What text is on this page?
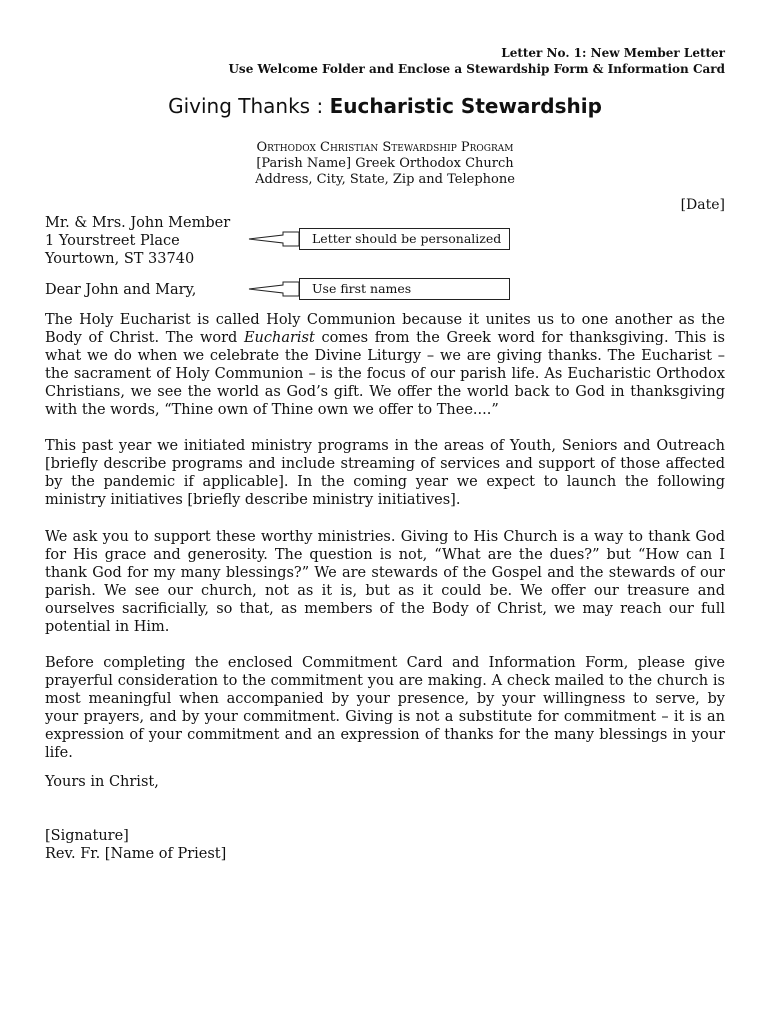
Letter No. 1: New Member Letter
Use Welcome Folder and Enclose a Stewardship Form & Information Card
Giving Thanks : Eucharistic Stewardship
Orthodox Christian Stewardship Program
[Parish Name] Greek Orthodox Church
Address, City, State, Zip and Telephone
[Date]
Mr. & Mrs. John Member
1 Yourstreet Place
Yourtown, ST 33740
Letter should be personalized
Dear John and Mary,	Use first names
The Holy Eucharist is called Holy Communion because it unites us to one another as the Body of Christ. The word Eucharist comes from the Greek word for thanksgiving. This is what we do when we celebrate the Divine Liturgy – we are giving thanks. The Eucharist – the sacrament of Holy Communion – is the focus of our parish life. As Eucharistic Orthodox Christians, we see the world as God’s gift. We offer the world back to God in thanksgiving with the words, “Thine own of Thine own we offer to Thee....”
This past year we initiated ministry programs in the areas of Youth, Seniors and Outreach [briefly describe programs and include streaming of services and support of those affected by the pandemic if applicable]. In the coming year we expect to launch the following ministry initiatives [briefly describe ministry initiatives].
We ask you to support these worthy ministries. Giving to His Church is a way to thank God for His grace and generosity. The question is not, “What are the dues?” but “How can I thank God for my many blessings?” We are stewards of the Gospel and the stewards of our parish. We see our church, not as it is, but as it could be. We offer our treasure and ourselves sacrificially, so that, as members of the Body of Christ, we may reach our full potential in Him.
Before completing the enclosed Commitment Card and Information Form, please give prayerful consideration to the commitment you are making. A check mailed to the church is most meaningful when accompanied by your presence, by your willingness to serve, by your prayers, and by your commitment. Giving is not a substitute for commitment – it is an expression of your commitment and an expression of thanks for the many blessings in your life.
Yours in Christ,
[Signature]
Rev. Fr. [Name of Priest]
